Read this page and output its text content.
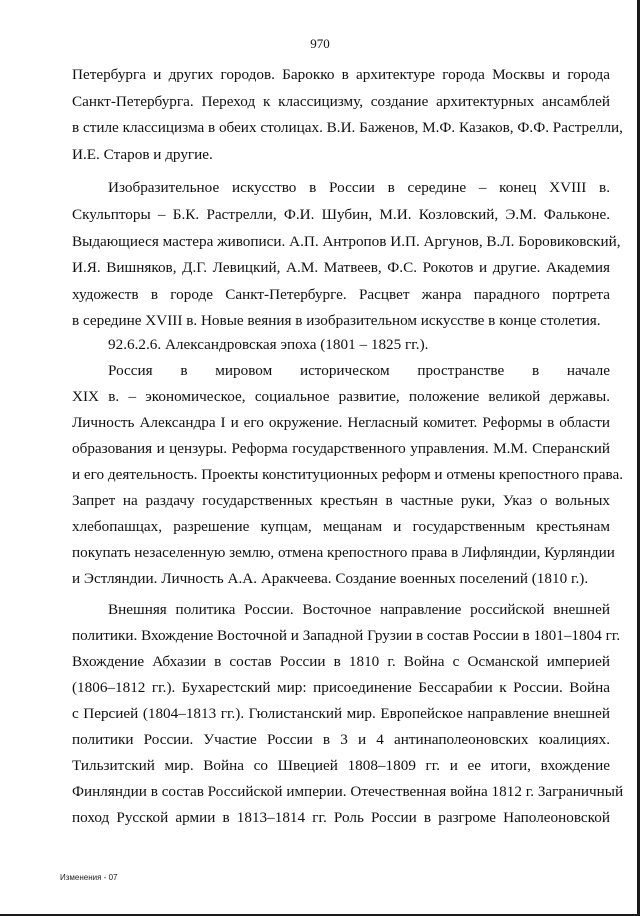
970
Петербурга и других городов. Барокко в архитектуре города Москвы и города
Санкт-Петербурга. Переход к классицизму, создание архитектурных ансамблей
в стиле классицизма в обеих столицах. В.И. Баженов, М.Ф. Казаков, Ф.Ф. Растрелли,
И.Е. Старов и другие.
Изобразительное искусство в России в середине – конец XVIII в.
Скульпторы – Б.К. Растрелли, Ф.И. Шубин, М.И. Козловский, Э.М. Фальконе.
Выдающиеся мастера живописи. А.П. Антропов И.П. Аргунов, В.Л. Боровиковский,
И.Я. Вишняков, Д.Г. Левицкий, А.М. Матвеев, Ф.С. Рокотов и другие. Академия
художеств в городе Санкт-Петербурге. Расцвет жанра парадного портрета
в середине XVIII в. Новые веяния в изобразительном искусстве в конце столетия.
92.6.2.6. Александровская эпоха (1801 – 1825 гг.).
Россия в мировом историческом пространстве в начале
XIX в. – экономическое, социальное развитие, положение великой державы.
Личность Александра I и его окружение. Негласный комитет. Реформы в области
образования и цензуры. Реформа государственного управления. М.М. Сперанский
и его деятельность. Проекты конституционных реформ и отмены крепостного права.
Запрет на раздачу государственных крестьян в частные руки, Указ о вольных
хлебопашцах, разрешение купцам, мещанам и государственным крестьянам
покупать незаселенную землю, отмена крепостного права в Лифляндии, Курляндии
и Эстляндии. Личность А.А. Аракчеева. Создание военных поселений (1810 г.).
Внешняя политика России. Восточное направление российской внешней
политики. Вхождение Восточной и Западной Грузии в состав России в 1801–1804 гг.
Вхождение Абхазии в состав России в 1810 г. Война с Османской империей
(1806–1812 гг.). Бухарестский мир: присоединение Бессарабии к России. Война
с Персией (1804–1813 гг.). Гюлистанский мир. Европейское направление внешней
политики России. Участие России в 3 и 4 антинаполеоновских коалициях.
Тильзитский мир. Война со Швецией 1808–1809 гг. и ее итоги, вхождение
Финляндии в состав Российской империи. Отечественная война 1812 г. Заграничный
поход Русской армии в 1813–1814 гг. Роль России в разгроме Наполеоновской
Изменения - 07
